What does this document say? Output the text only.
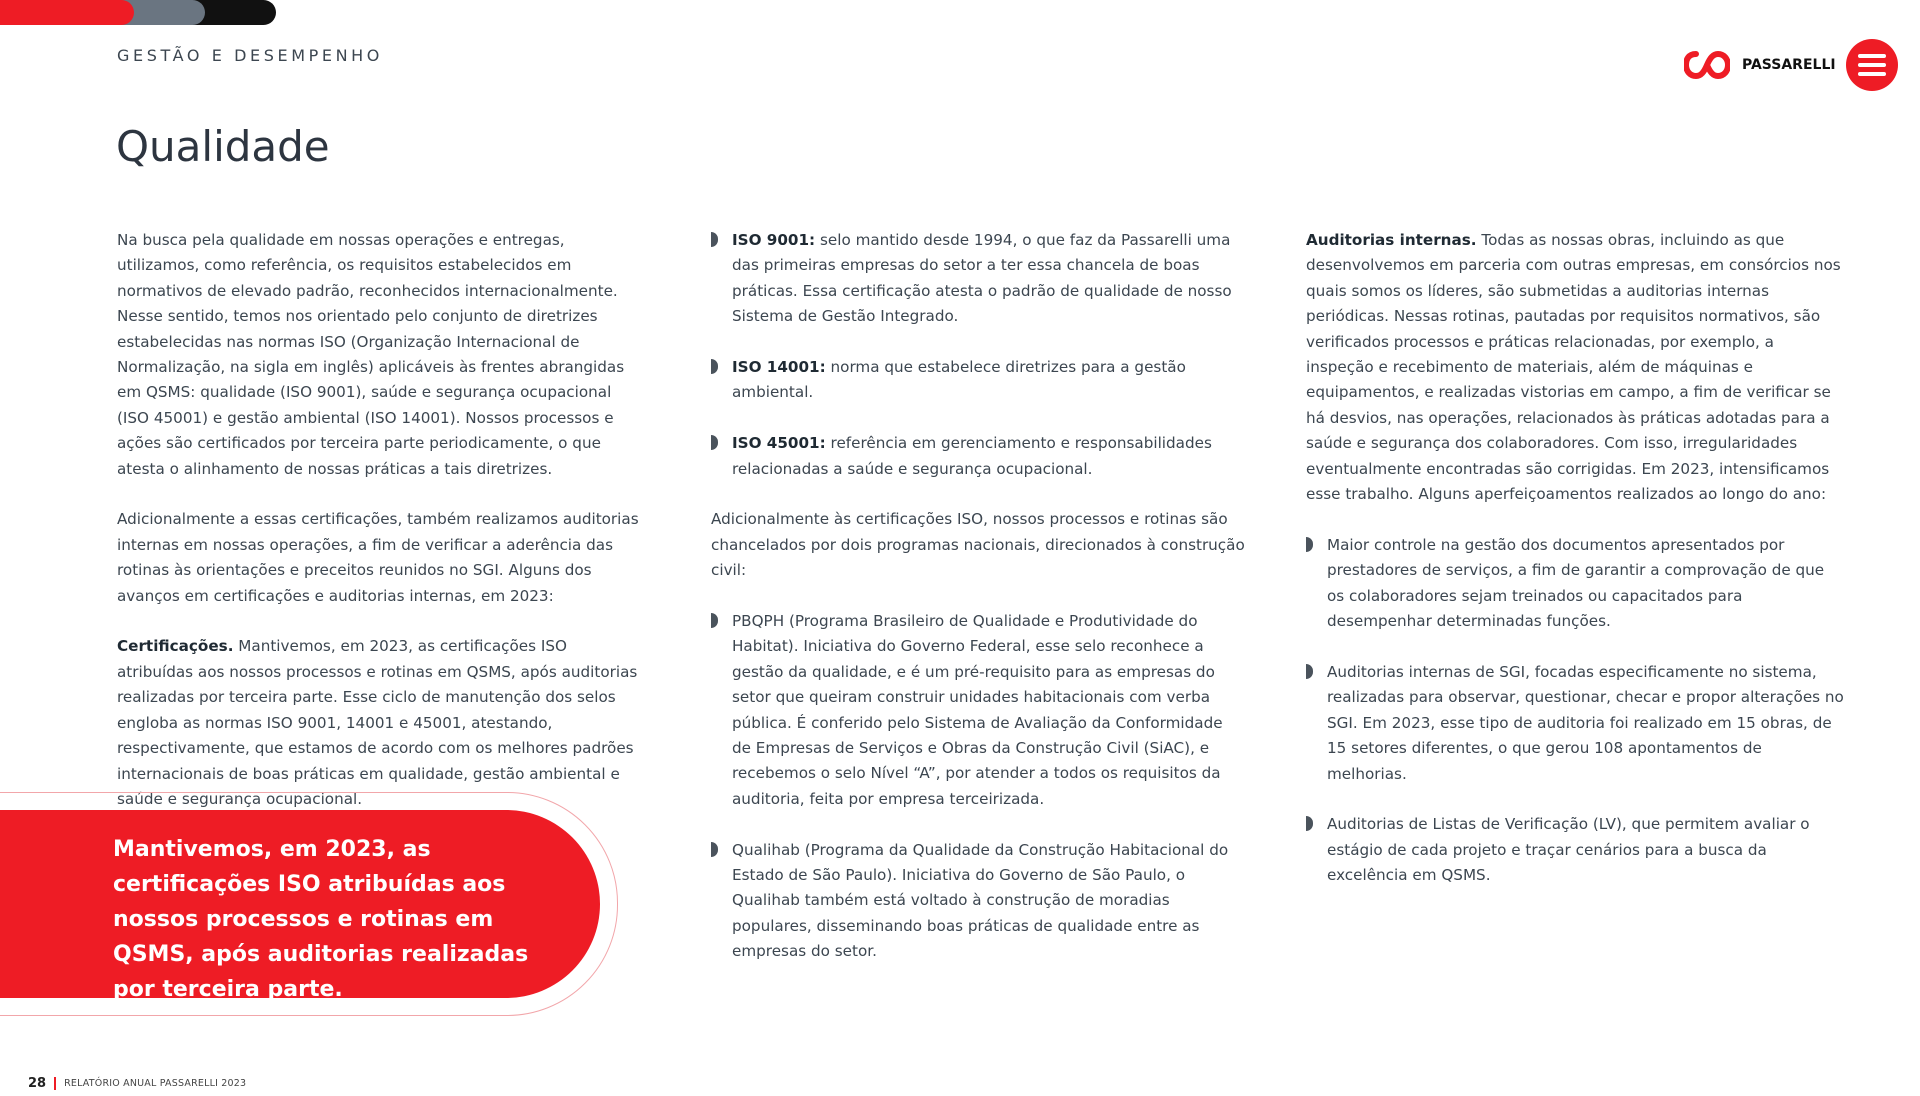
GESTÃO E DESEMPENHO	PASSARELLI
Qualidade

Na busca pela qualidade em nossas operações e entregas, utilizamos, como referência, os requisitos estabelecidos em normativos de elevado padrão, reconhecidos internacionalmente. Nesse sentido, temos nos orientado pelo conjunto de diretrizes estabelecidas nas normas ISO (Organização Internacional de Normalização, na sigla em inglês) aplicáveis às frentes abrangidas em QSMS: qualidade (ISO 9001), saúde e segurança ocupacional (ISO 45001) e gestão ambiental (ISO 14001). Nossos processos e ações são certificados por terceira parte periodicamente, o que atesta o alinhamento de nossas práticas a tais diretrizes.

Adicionalmente a essas certificações, também realizamos auditorias internas em nossas operações, a fim de verificar a aderência das rotinas às orientações e preceitos reunidos no SGI. Alguns dos avanços em certificações e auditorias internas, em 2023:

Certificações. Mantivemos, em 2023, as certificações ISO atribuídas aos nossos processos e rotinas em QSMS, após auditorias realizadas por terceira parte. Esse ciclo de manutenção dos selos engloba as normas ISO 9001, 14001 e 45001, atestando, respectivamente, que estamos de acordo com os melhores padrões internacionais de boas práticas em qualidade, gestão ambiental e saúde e segurança ocupacional.

ISO 9001: selo mantido desde 1994, o que faz da Passarelli uma das primeiras empresas do setor a ter essa chancela de boas práticas. Essa certificação atesta o padrão de qualidade de nosso Sistema de Gestão Integrado.
ISO 14001: norma que estabelece diretrizes para a gestão ambiental.
ISO 45001: referência em gerenciamento e responsabilidades relacionadas a saúde e segurança ocupacional.

Adicionalmente às certificações ISO, nossos processos e rotinas são chancelados por dois programas nacionais, direcionados à construção civil:

PBQPH (Programa Brasileiro de Qualidade e Produtividade do Habitat). Iniciativa do Governo Federal, esse selo reconhece a gestão da qualidade, e é um pré-requisito para as empresas do setor que queiram construir unidades habitacionais com verba pública. É conferido pelo Sistema de Avaliação da Conformidade de Empresas de Serviços e Obras da Construção Civil (SiAC), e recebemos o selo Nível “A”, por atender a todos os requisitos da auditoria, feita por empresa terceirizada.
Qualihab (Programa da Qualidade da Construção Habitacional do Estado de São Paulo). Iniciativa do Governo de São Paulo, o Qualihab também está voltado à construção de moradias populares, disseminando boas práticas de qualidade entre as empresas do setor.

Auditorias internas. Todas as nossas obras, incluindo as que desenvolvemos em parceria com outras empresas, em consórcios nos quais somos os líderes, são submetidas a auditorias internas periódicas. Nessas rotinas, pautadas por requisitos normativos, são verificados processos e práticas relacionadas, por exemplo, a inspeção e recebimento de materiais, além de máquinas e equipamentos, e realizadas vistorias em campo, a fim de verificar se há desvios, nas operações, relacionados às práticas adotadas para a saúde e segurança dos colaboradores. Com isso, irregularidades eventualmente encontradas são corrigidas. Em 2023, intensificamos esse trabalho. Alguns aperfeiçoamentos realizados ao longo do ano:

Maior controle na gestão dos documentos apresentados por prestadores de serviços, a fim de garantir a comprovação de que os colaboradores sejam treinados ou capacitados para desempenhar determinadas funções.
Auditorias internas de SGI, focadas especificamente no sistema, realizadas para observar, questionar, checar e propor alterações no SGI. Em 2023, esse tipo de auditoria foi realizado em 15 obras, de 15 setores diferentes, o que gerou 108 apontamentos de melhorias.
Auditorias de Listas de Verificação (LV), que permitem avaliar o estágio de cada projeto e traçar cenários para a busca da excelência em QSMS.
Mantivemos, em 2023, as certificações ISO atribuídas aos nossos processos e rotinas em QSMS, após auditorias realizadas por terceira parte.
28 RELATÓRIO ANUAL PASSARELLI 2023
